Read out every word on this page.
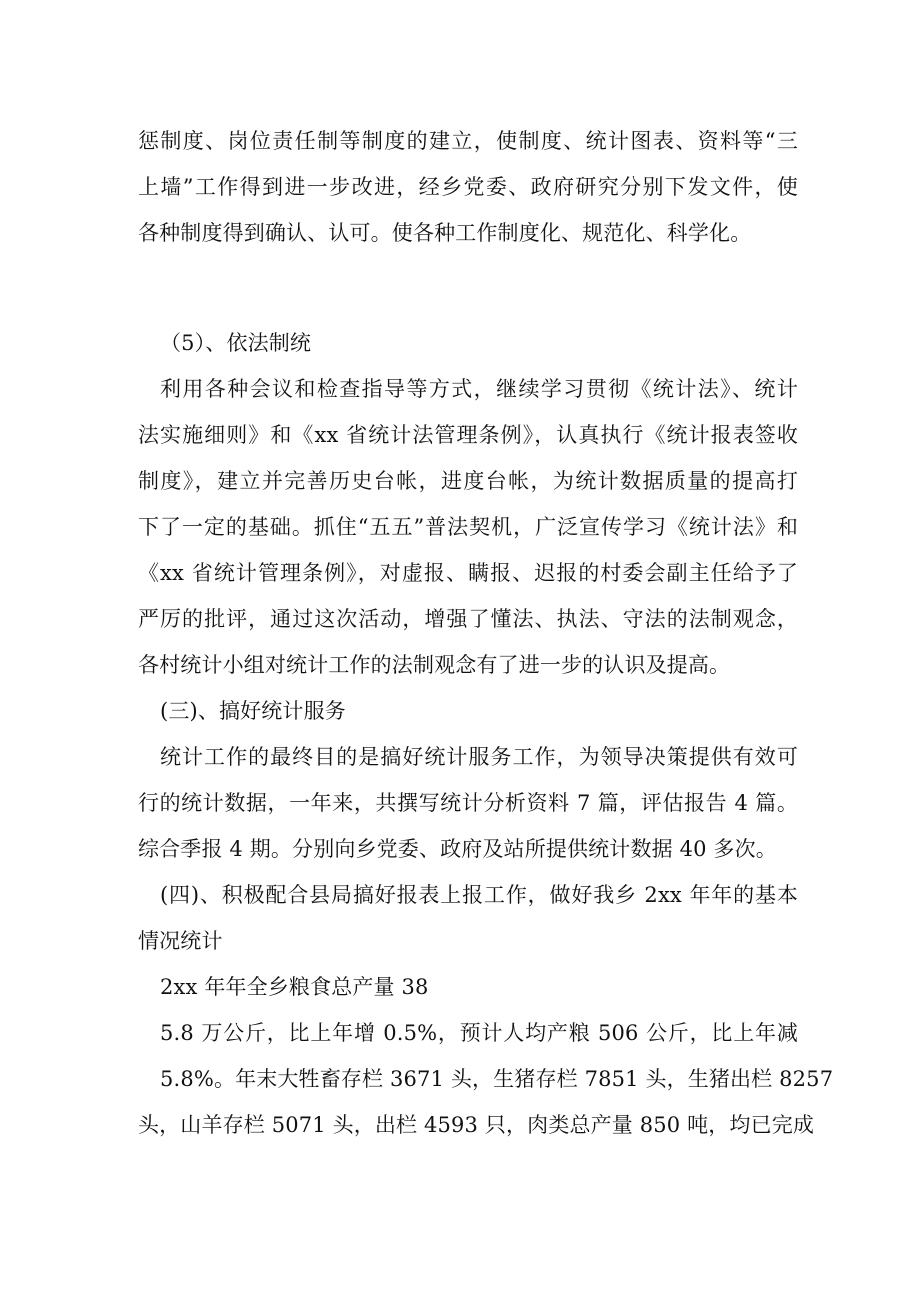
惩制度、岗位责任制等制度的建立，使制度、统计图表、资料等“三
上墙”工作得到进一步改进，经乡党委、政府研究分别下发文件，使
各种制度得到确认、认可。使各种工作制度化、规范化、科学化。
（5）、依法制统
利用各种会议和检查指导等方式，继续学习贯彻《统计法》、统计
法实施细则》和《xx 省统计法管理条例》，认真执行《统计报表签收
制度》，建立并完善历史台帐，进度台帐，为统计数据质量的提高打
下了一定的基础。抓住“五五”普法契机，广泛宣传学习《统计法》和
《xx 省统计管理条例》，对虚报、瞒报、迟报的村委会副主任给予了
严厉的批评，通过这次活动，增强了懂法、执法、守法的法制观念，
各村统计小组对统计工作的法制观念有了进一步的认识及提高。
(三)、搞好统计服务
统计工作的最终目的是搞好统计服务工作，为领导决策提供有效可
行的统计数据，一年来，共撰写统计分析资料 7 篇，评估报告 4 篇。
综合季报 4 期。分别向乡党委、政府及站所提供统计数据 40 多次。
(四)、积极配合县局搞好报表上报工作，做好我乡 2xx 年年的基本
情况统计
2xx 年年全乡粮食总产量 38
5.8 万公斤，比上年增 0.5%，预计人均产粮 506 公斤，比上年减
5.8%。年末大牲畜存栏 3671 头，生猪存栏 7851 头，生猪出栏 8257
头，山羊存栏 5071 头，出栏 4593 只，肉类总产量 850 吨，均已完成
